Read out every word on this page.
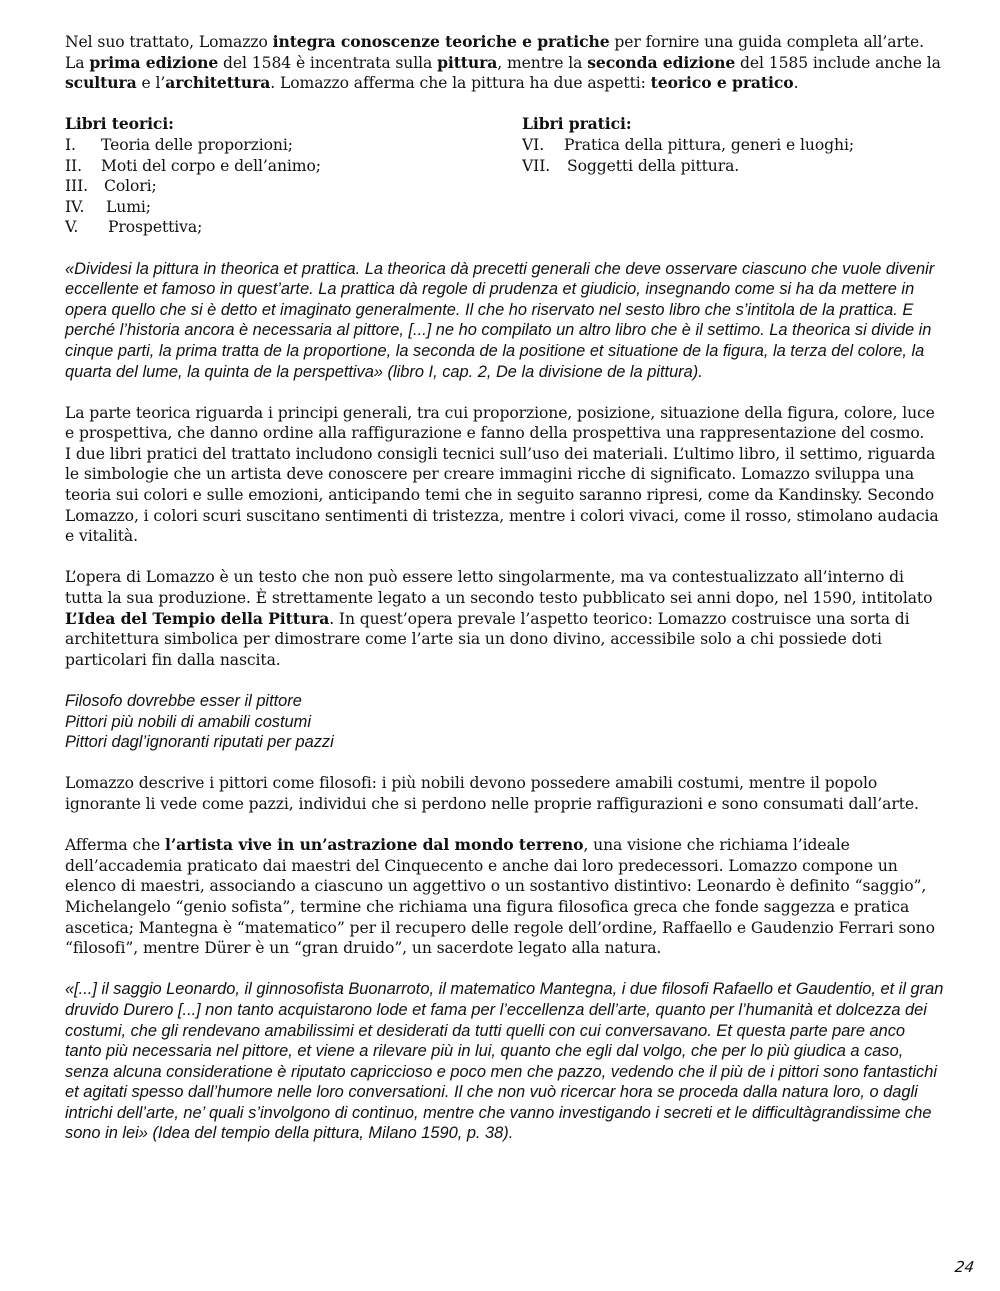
Nel suo trattato, Lomazzo integra conoscenze teoriche e pratiche per fornire una guida completa all’arte. La prima edizione del 1584 è incentrata sulla pittura, mentre la seconda edizione del 1585 include anche la scultura e l’architettura. Lomazzo afferma che la pittura ha due aspetti: teorico e pratico.

Libri teorici:
I. Teoria delle proporzioni;
II. Moti del corpo e dell’animo;
III. Colori;
IV. Lumi;
V. Prospettiva;
Libri pratici:
VI. Pratica della pittura, generi e luoghi;
VII. Soggetti della pittura.

«Dividesi la pittura in theorica et prattica. La theorica dà precetti generali che deve osservare ciascuno che vuole divenir eccellente et famoso in quest’arte. La prattica dà regole di prudenza et giudicio, insegnando come si ha da mettere in opera quello che si è detto et imaginato generalmente. Il che ho riservato nel sesto libro che s’intitola de la prattica. E perché l’historia ancora è necessaria al pittore, [...] ne ho compilato un altro libro che è il settimo. La theorica si divide in cinque parti, la prima tratta de la proportione, la seconda de la positione et situatione de la figura, la terza del colore, la quarta del lume, la quinta de la perspettiva» (libro I, cap. 2, De la divisione de la pittura).

La parte teorica riguarda i principi generali, tra cui proporzione, posizione, situazione della figura, colore, luce e prospettiva, che danno ordine alla raffigurazione e fanno della prospettiva una rappresentazione del cosmo.

I due libri pratici del trattato includono consigli tecnici sull’uso dei materiali. L’ultimo libro, il settimo, riguarda le simbologie che un artista deve conoscere per creare immagini ricche di significato. Lomazzo sviluppa una teoria sui colori e sulle emozioni, anticipando temi che in seguito saranno ripresi, come da Kandinsky. Secondo Lomazzo, i colori scuri suscitano sentimenti di tristezza, mentre i colori vivaci, come il rosso, stimolano audacia e vitalità.

L’opera di Lomazzo è un testo che non può essere letto singolarmente, ma va contestualizzato all’interno di tutta la sua produzione. È strettamente legato a un secondo testo pubblicato sei anni dopo, nel 1590, intitolato L’Idea del Tempio della Pittura. In quest’opera prevale l’aspetto teorico: Lomazzo costruisce una sorta di architettura simbolica per dimostrare come l’arte sia un dono divino, accessibile solo a chi possiede doti particolari fin dalla nascita.

Filosofo dovrebbe esser il pittore

Pittori più nobili di amabili costumi

Pittori dagl’ignoranti riputati per pazzi

Lomazzo descrive i pittori come filosofi: i più nobili devono possedere amabili costumi, mentre il popolo ignorante li vede come pazzi, individui che si perdono nelle proprie raffigurazioni e sono consumati dall’arte.

Afferma che l’artista vive in un’astrazione dal mondo terreno, una visione che richiama l’ideale dell’accademia praticato dai maestri del Cinquecento e anche dai loro predecessori. Lomazzo compone un elenco di maestri, associando a ciascuno un aggettivo o un sostantivo distintivo: Leonardo è definito “saggio”, Michelangelo “genio sofista”, termine che richiama una figura filosofica greca che fonde saggezza e pratica ascetica; Mantegna è “matematico” per il recupero delle regole dell’ordine, Raffaello e Gaudenzio Ferrari sono “filosofi”, mentre Dürer è un “gran druido”, un sacerdote legato alla natura.

«[...] il saggio Leonardo, il ginnosofista Buonarroto, il matematico Mantegna, i due filosofi Rafaello et Gaudentio, et il gran druvido Durero [...] non tanto acquistarono lode et fama per l’eccellenza dell’arte, quanto per l’humanità et dolcezza dei costumi, che gli rendevano amabilissimi et desiderati da tutti quelli con cui conversavano. Et questa parte pare anco tanto più necessaria nel pittore, et viene a rilevare più in lui, quanto che egli dal volgo, che per lo più giudica a caso, senza alcuna consideratione è riputato capriccioso e poco men che pazzo, vedendo che il più de i pittori sono fantastichi et agitati spesso dall’humore nelle loro conversationi. Il che non vuò ricercar hora se proceda dalla natura loro, o dagli intrichi dell’arte, ne’ quali s’involgono di continuo, mentre che vanno investigando i secreti et le difficultàgrandissime che sono in lei» (Idea del tempio della pittura, Milano 1590, p. 38).

24
